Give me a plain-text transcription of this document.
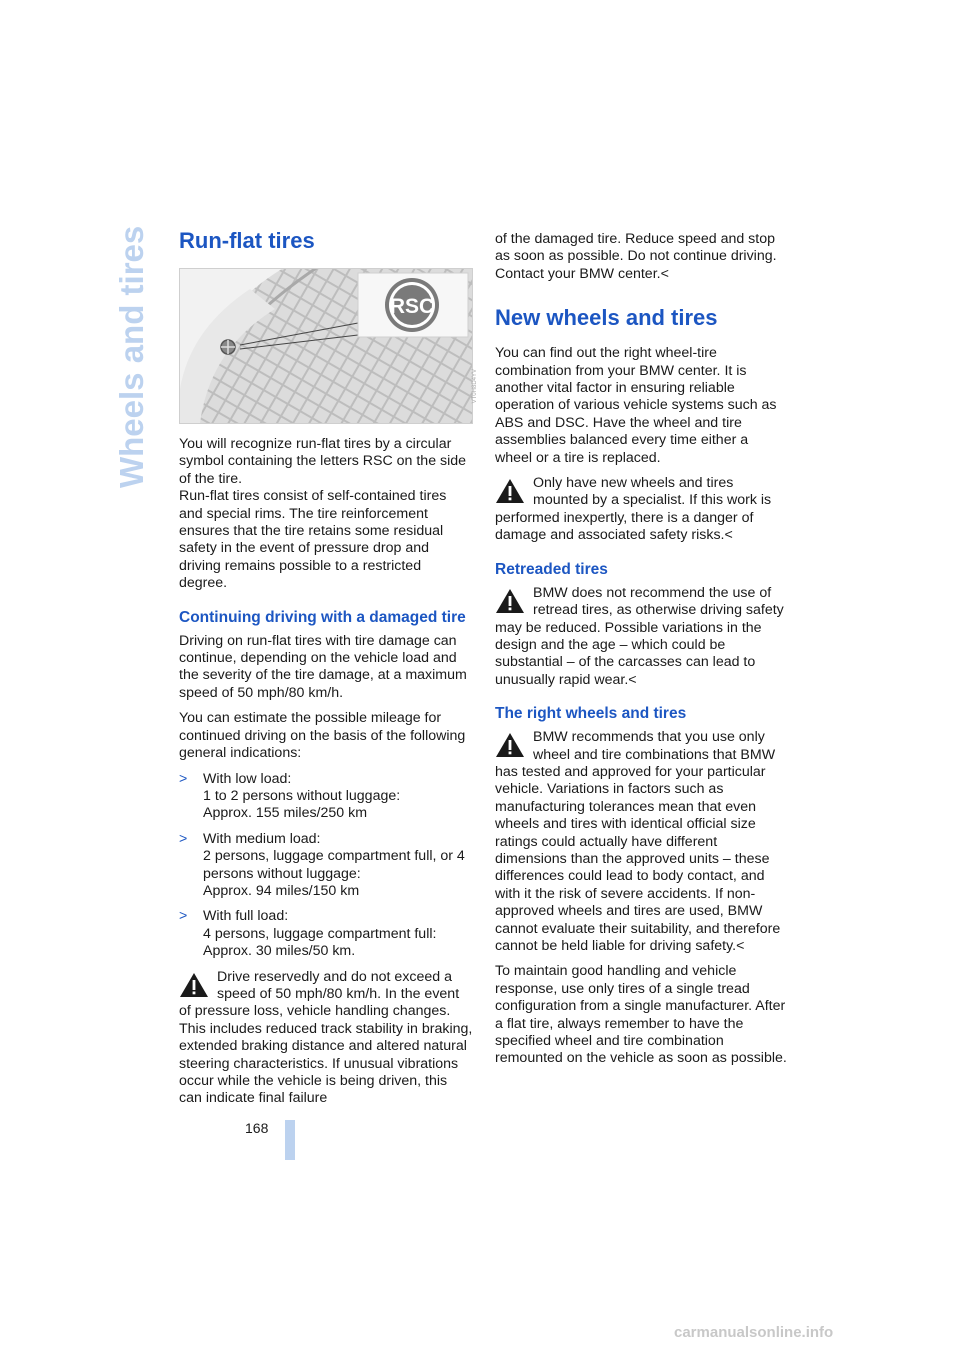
Wheels and tires Run-flat tires
RSC
VT0H8D4YV

You will recognize run-flat tires by a circular symbol containing the letters RSC on the side of the tire.

Run-flat tires consist of self-contained tires and special rims. The tire reinforcement ensures that the tire retains some residual safety in the event of pressure drop and driving remains possible to a restricted degree.

Continuing driving with a damaged tire

Driving on run-flat tires with tire damage can continue, depending on the vehicle load and the severity of the tire damage, at a maximum speed of 50 mph/80 km/h.

You can estimate the possible mileage for continued driving on the basis of the following general indications:

> With low load:
1 to 2 persons without luggage:
Approx. 155 miles/250 km
> With medium load:
2 persons, luggage compartment full, or 4 persons without luggage:
Approx. 94 miles/150 km
> With full load:
4 persons, luggage compartment full:
Approx. 30 miles/50 km.
Drive reservedly and do not exceed a speed of 50 mph/80 km/h. In the event of pressure loss, vehicle handling changes. This includes reduced track stability in braking, extended braking distance and altered natural steering characteristics. If unusual vibrations occur while the vehicle is being driven, this can indicate final failure

of the damaged tire. Reduce speed and stop as soon as possible. Do not continue driving. Contact your BMW center.<

New wheels and tires

You can find out the right wheel-tire combination from your BMW center. It is another vital factor in ensuring reliable operation of various vehicle systems such as ABS and DSC. Have the wheel and tire assemblies balanced every time either a wheel or a tire is replaced.

Only have new wheels and tires mounted by a specialist. If this work is performed inexpertly, there is a danger of damage and associated safety risks.<
Retreaded tires
BMW does not recommend the use of retread tires, as otherwise driving safety may be reduced. Possible variations in the design and the age – which could be substantial – of the carcasses can lead to unusually rapid wear.<
The right wheels and tires
BMW recommends that you use only wheel and tire combinations that BMW has tested and approved for your particular vehicle. Variations in factors such as manufacturing tolerances mean that even wheels and tires with identical official size ratings could actually have different dimensions than the approved units – these differences could lead to body contact, and with it the risk of severe accidents. If non-approved wheels and tires are used, BMW cannot evaluate their suitability, and therefore cannot be held liable for driving safety.<

To maintain good handling and vehicle response, use only tires of a single tread configuration from a single manufacturer. After a flat tire, always remember to have the specified wheel and tire combination remounted on the vehicle as soon as possible.

168
carmanualsonline.info
